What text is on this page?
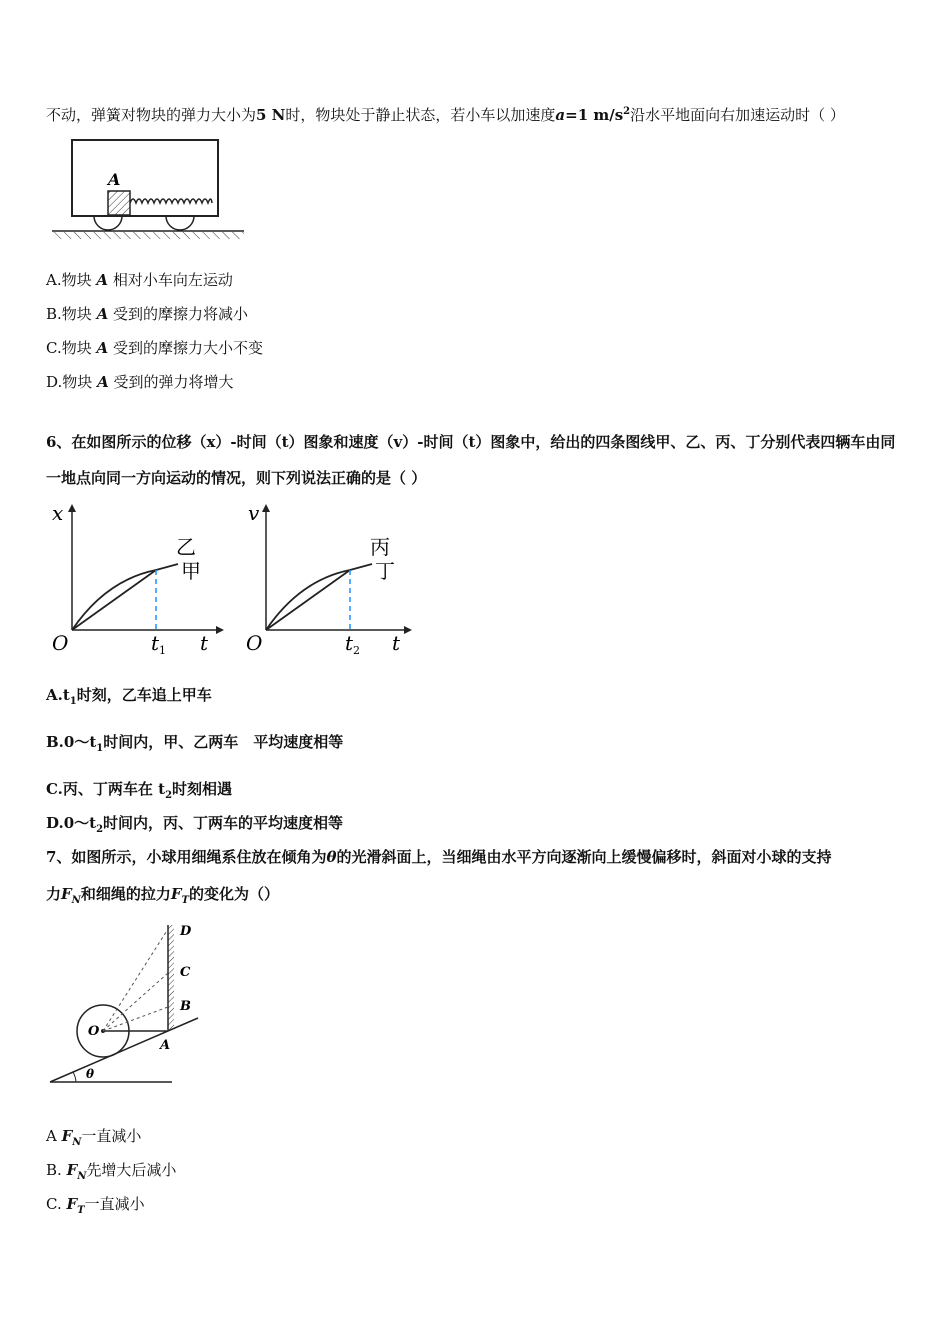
不动，弹簧对物块的弹力大小为5 N时，物块处于静止状态，若小车以加速度a=1 $m/s^2$沿水平地面向右加速运动时（ ）
A
A.物块 A 相对小车向左运动
B.物块 A 受到的摩擦力将减小
C.物块 A 受到的摩擦力大小不变
D.物块 A 受到的弹力将增大
6、在如图所示的位移（x）-时间（t）图象和速度（v）-时间（t）图象中，给出的四条图线甲、乙、丙、丁分别代表四辆车由同
一地点向同一方向运动的情况，则下列说法正确的是（ ）
x
t
O	$t_1$
乙
甲
v
t
O	$t_2$
丙
丁
$A.t_1$时刻，乙车追上甲车
$B.0\sim t_1$时间内，甲、乙两车　平均速度相等
C.丙、丁两车在 $t_2$时刻相遇
$D.0\sim t_2$时间内，丙、丁两车的平均速度相等
7、如图所示，小球用细绳系住放在倾角为θ的光滑斜面上，当细绳由水平方向逐渐向上缓慢偏移时，斜面对小球的支持
力$F_N$和细绳的拉力$F_T$的变化为（）
θ
D
C
B
O
A
A $F_N$一直减小
B. $F_N$先增大后减小
C. $F_T$一直减小
